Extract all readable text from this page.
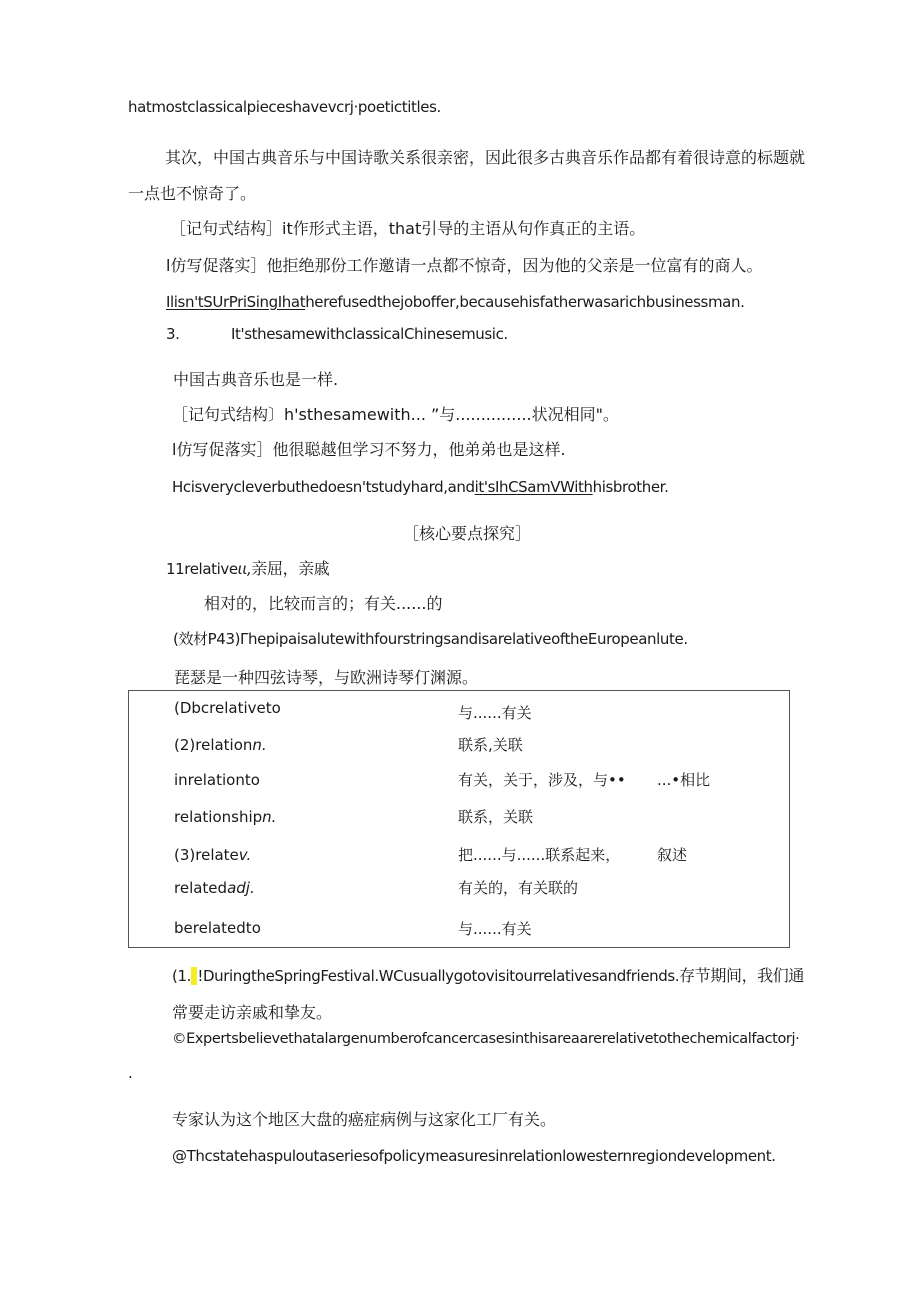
hatmostclassicalpieceshavevcrj·poetictitles.
其次，中国古典音乐与中国诗歌关系很亲密，因此很多古典音乐作品都有着很诗意的标题就
一点也不惊奇了。
［记句式结构］it作形式主语，that引导的主语从句作真正的主语。
l仿写促落实］他拒绝那份工作邀请一点都不惊奇，因为他的父亲是一位富有的商人。
Ilisn'tSUrPriSingIhatherefusedthejoboffer,becausehisfatherwasarichbusinessman.
3.	It'sthesamewithclassicalChinesemusic.
中国古典音乐也是一样.
［记句式结构〕h'sthesamewith... ”与...............状况相同"。
l仿写促落实］他很聪越但学习不努力，他弟弟也是这样.
Hcisverycleverbuthedoesn'tstudyhard,andit'sIhCSamVWithhisbrother.
［核心要点探究］
11relativeιι,亲屈，亲戚
相对的，比较而言的；有关......的
(效材P43)ΓhepipaisalutewithfourstringsandisarelativeoftheEuropeanlute.
琵瑟是一种四弦诗琴，与欧洲诗琴仃渊源。
(Dbcrelativeto	与......有关
(2)relationn.	联系,关联
inrelationto	有关，关于，涉及，与•• ...•相比
relationshipn.	联系，关联
(3)relatev.	把......与......联系起来， 叙述
relatedadj.	有关的，有关联的
berelatedto	与......有关
(1. !DuringtheSpringFestival.WCusuallygotovisitourrelativesandfriends.存节期间，我们通
常要走访亲戚和挚友。
©Expertsbelievethatalargenumberofcancercasesinthisareaarerelativetothechemicalfactorj·
.
专家认为这个地区大盘的癌症病例与这家化工厂有关。
@Thcstatehaspuloutaseriesofpolicymeasuresinrelationlowesternregiondevelopment.
